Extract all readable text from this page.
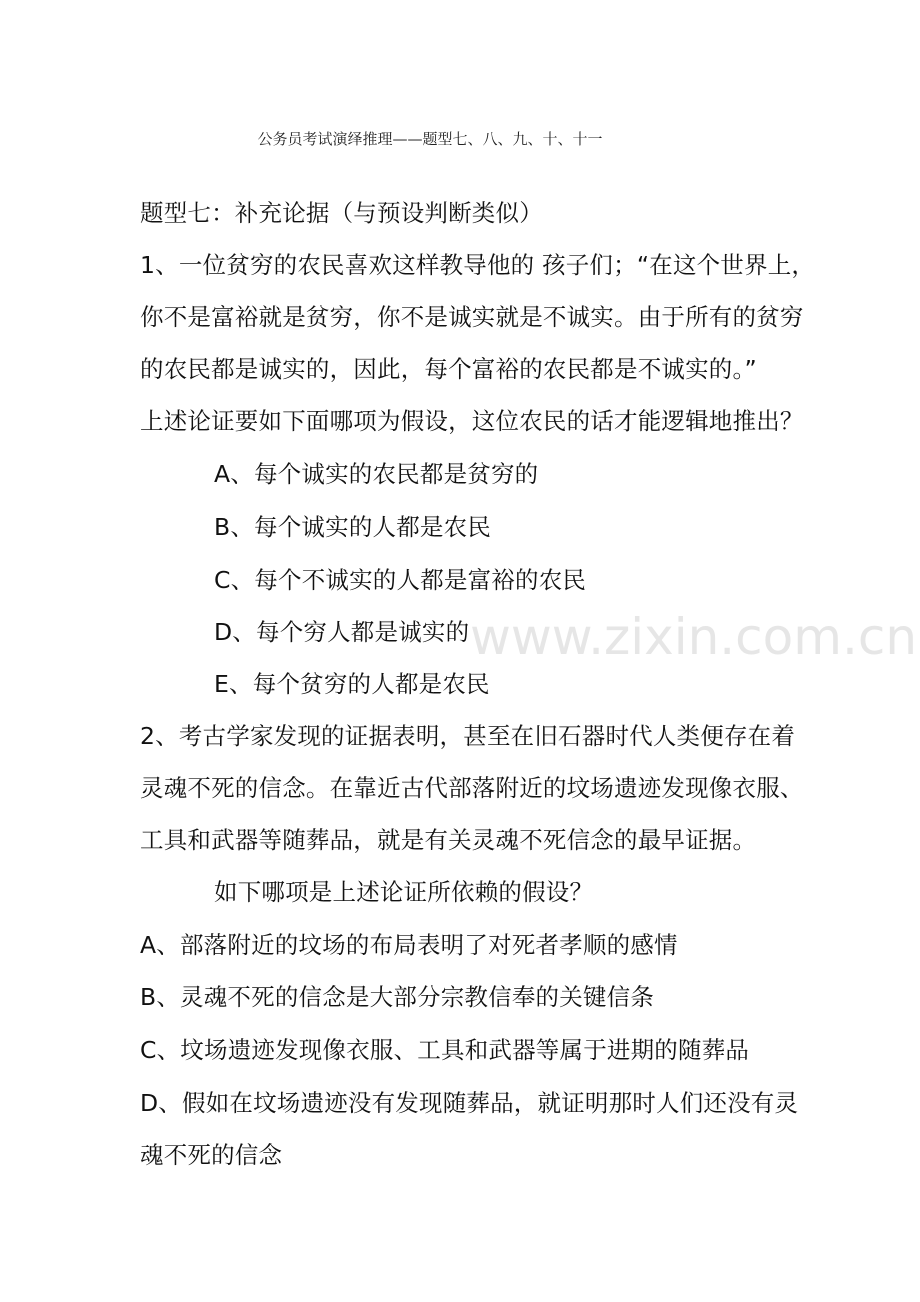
www.zixin.com.cn
公务员考试演绎推理——题型七、八、九、十、十一
题型七：补充论据（与预设判断类似）
1、一位贫穷的农民喜欢这样教导他的 孩子们；“在这个世界上，
你不是富裕就是贫穷，你不是诚实就是不诚实。由于所有的贫穷
的农民都是诚实的，因此，每个富裕的农民都是不诚实的。”
上述论证要如下面哪项为假设，这位农民的话才能逻辑地推出？
A、每个诚实的农民都是贫穷的
B、每个诚实的人都是农民
C、每个不诚实的人都是富裕的农民
D、每个穷人都是诚实的
E、每个贫穷的人都是农民
2、考古学家发现的证据表明，甚至在旧石器时代人类便存在着
灵魂不死的信念。在靠近古代部落附近的坟场遗迹发现像衣服、
工具和武器等随葬品，就是有关灵魂不死信念的最早证据。
如下哪项是上述论证所依赖的假设？
A、部落附近的坟场的布局表明了对死者孝顺的感情
B、灵魂不死的信念是大部分宗教信奉的关键信条
C、坟场遗迹发现像衣服、工具和武器等属于进期的随葬品
D、假如在坟场遗迹没有发现随葬品，就证明那时人们还没有灵
魂不死的信念
